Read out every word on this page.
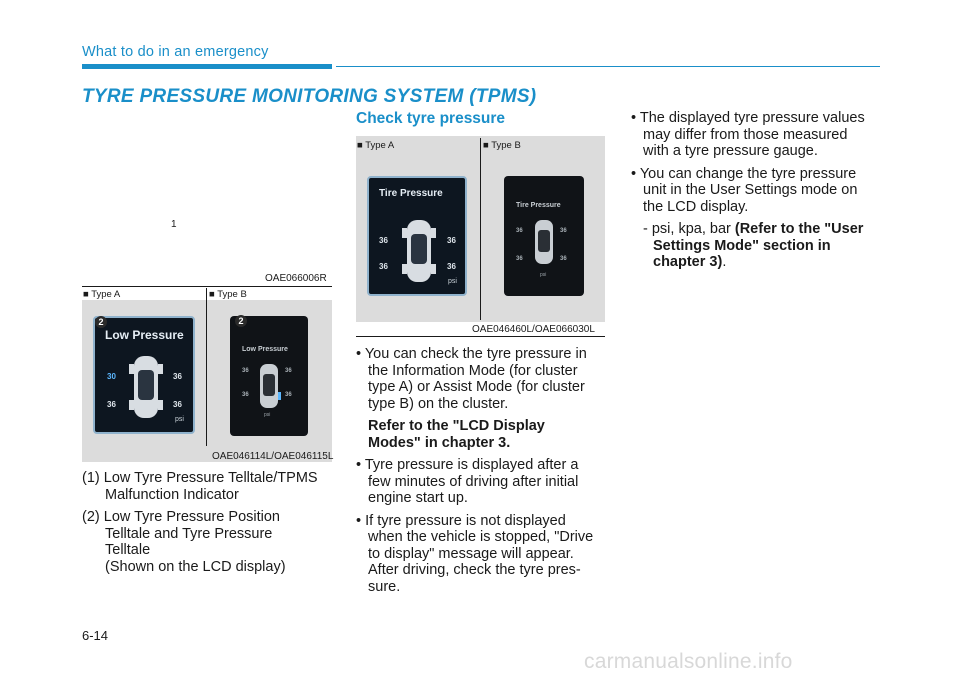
What to do in an emergency
TYRE PRESSURE MONITORING SYSTEM (TPMS)
1
OAE066006R
■ Type A	■ Type B
Low Pressure
30	36
36	36
psi
2
Low Pressure
36	36
36	36
psi
2
OAE046114L/OAE046115L
(1) Low Tyre Pressure Telltale/TPMS
Malfunction Indicator
(2) Low Tyre Pressure Position
Telltale and Tyre Pressure
Telltale
(Shown on the LCD display)
Check tyre pressure
■ Type A	■ Type B
Tire Pressure
36	36
36	36
psi
Tire Pressure
36	36
36	36
psi
OAE046460L/OAE066030L
• You can check the tyre pressure in
the Information Mode (for cluster
type A) or Assist Mode (for cluster
type B) on the cluster.
Refer to the "LCD Display
Modes" in chapter 3.
• Tyre pressure is displayed after a
few minutes of driving after initial
engine start up.
• If tyre pressure is not displayed
when the vehicle is stopped, "Drive
to display" message will appear.
After driving, check the tyre pres-
sure.
• The displayed tyre pressure values
may differ from those measured
with a tyre pressure gauge.
• You can change the tyre pressure
unit in the User Settings mode on
the LCD display.
- psi, kpa, bar (Refer to the "User
Settings Mode" section in
chapter 3).
6-14
carmanualsonline.info
